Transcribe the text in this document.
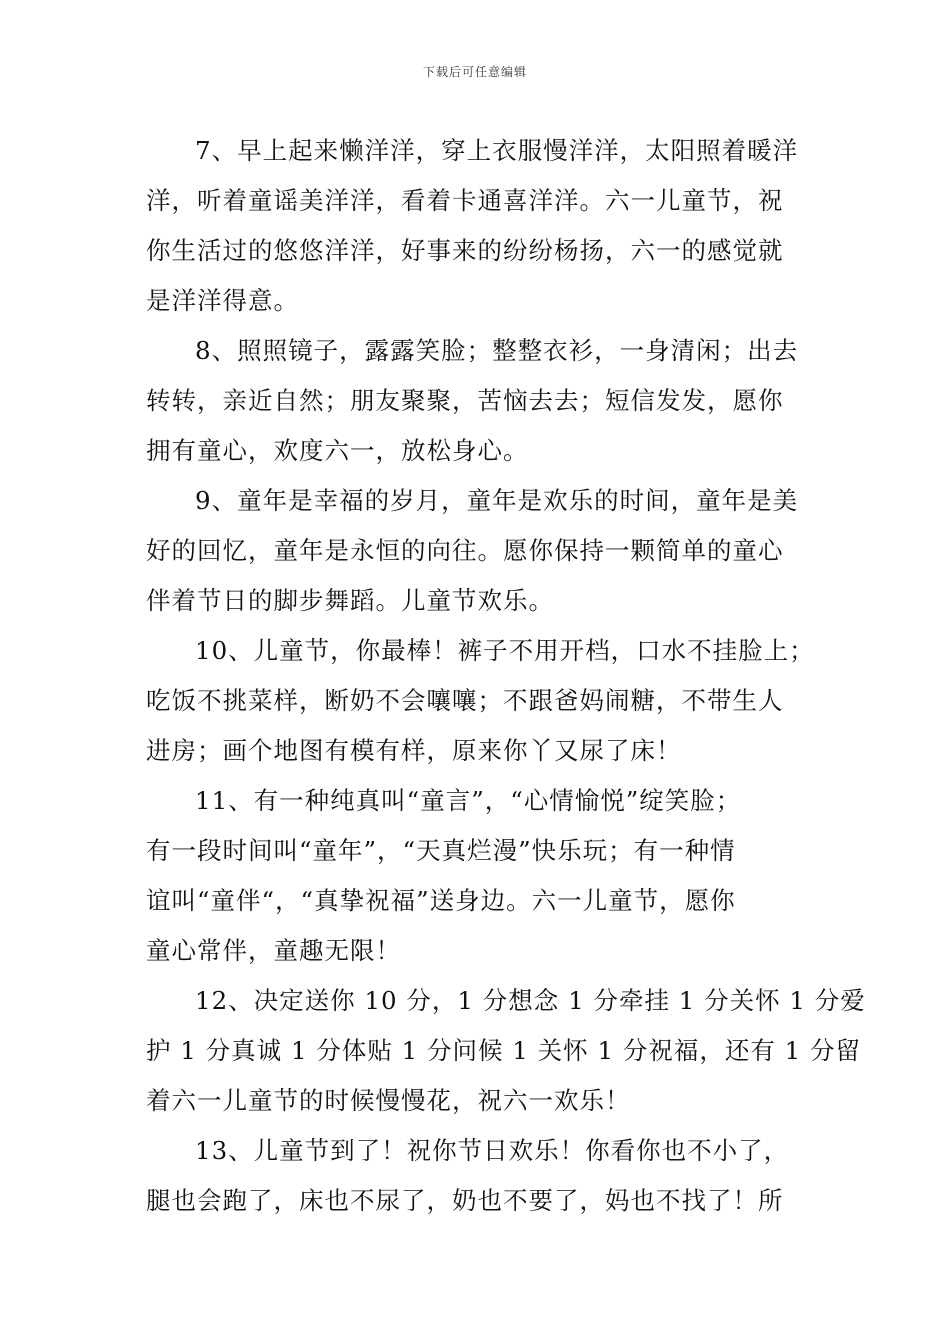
下载后可任意编辑
7、早上起来懒洋洋，穿上衣服慢洋洋，太阳照着暖洋
洋，听着童谣美洋洋，看着卡通喜洋洋。六一儿童节，祝
你生活过的悠悠洋洋，好事来的纷纷杨扬，六一的感觉就
是洋洋得意。
8、照照镜子，露露笑脸；整整衣衫，一身清闲；出去
转转，亲近自然；朋友聚聚，苦恼去去；短信发发，愿你
拥有童心，欢度六一，放松身心。
9、童年是幸福的岁月，童年是欢乐的时间，童年是美
好的回忆，童年是永恒的向往。愿你保持一颗简单的童心
伴着节日的脚步舞蹈。儿童节欢乐。
10、儿童节，你最棒！裤子不用开档，口水不挂脸上；
吃饭不挑菜样，断奶不会嚷嚷；不跟爸妈闹糖，不带生人
进房；画个地图有模有样，原来你丫又尿了床！
11、有一种纯真叫“童言”，“心情愉悦”绽笑脸；
有一段时间叫“童年”，“天真烂漫”快乐玩；有一种情
谊叫“童伴“，“真挚祝福”送身边。六一儿童节，愿你
童心常伴，童趣无限！
12、决定送你 10 分，1 分想念 1 分牵挂 1 分关怀 1 分爱
护 1 分真诚 1 分体贴 1 分问候 1 关怀 1 分祝福，还有 1 分留
着六一儿童节的时候慢慢花，祝六一欢乐！
13、儿童节到了！祝你节日欢乐！你看你也不小了，
腿也会跑了，床也不尿了，奶也不要了，妈也不找了！所
